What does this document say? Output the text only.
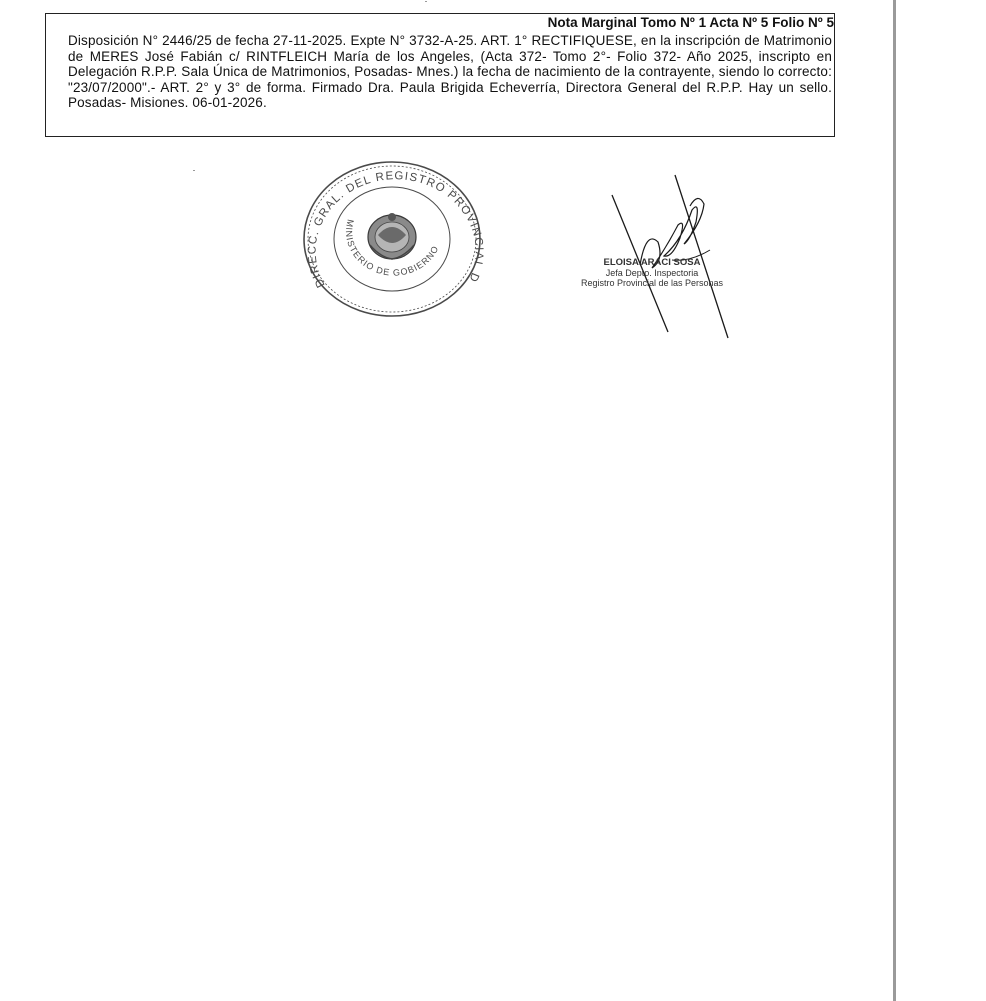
Nota Marginal Tomo Nº 1 Acta Nº 5 Folio Nº 5
Disposición N° 2446/25 de fecha 27-11-2025. Expte N° 3732-A-25. ART. 1° RECTIFIQUESE, en la inscripción de Matrimonio de MERES José Fabián c/ RINTFLEICH María de los Angeles, (Acta 372- Tomo 2°- Folio 372- Año 2025, inscripto en Delegación R.P.P. Sala Única de Matrimonios, Posadas- Mnes.) la fecha de nacimiento de la contrayente, siendo lo correcto: "23/07/2000".- ART. 2° y 3° de forma. Firmado Dra. Paula Brigida Echeverría, Directora General del R.P.P. Hay un sello. Posadas- Misiones. 06-01-2026.
DIRECC. GRAL. DEL REGISTRO PROVINCIAL D
MINISTERIO DE GOBIERNO
ELOISA ARACI SOSA
Jefa Depto. Inspectoria
Registro Provincial de las Personas
